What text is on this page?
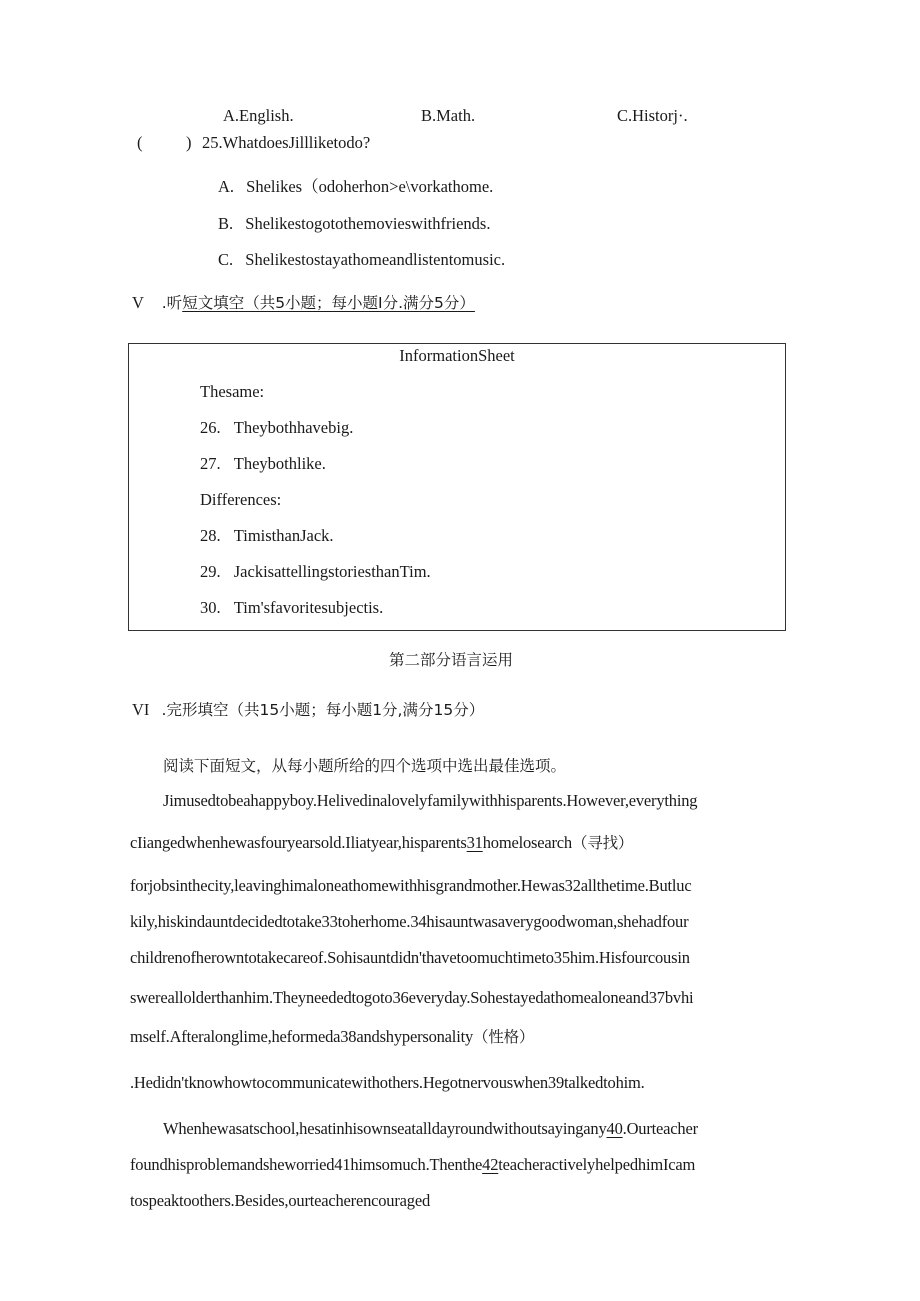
A.English.	B.Math.	C.Historj·.
(	) 25.WhatdoesJillliketodo?
A. Shelikes（odoherhon>e\vorkathome.
B. Shelikestogotothemovieswithfriends.
C. Shelikestostayathomeandlistentomusic.
V .听短文填空（共5小题；每小题I分.满分5分）
InformationSheet
Thesame:
26. Theybothhavebig.
27. Theybothlike.
Differences:
28. TimisthanJack.
29. JackisattellingstoriesthanTim.
30. Tim'sfavoritesubjectis.
第二部分语言运用
VI .完形填空（共15小题；每小题1分,满分15分）
阅读下面短文，从每小题所给的四个选项中选出最佳选项。
Jimusedtobeahappyboy.Helivedinalovelyfamilywithhisparents.However,everything
cIiangedwhenhewasfouryearsold.Iliatyear,hisparents31homelosearch（寻找）
forjobsinthecity,leavinghimaloneathomewithhisgrandmother.Hewas32allthetime.Butluc
kily,hiskindauntdecidedtotake33toherhome.34hisauntwasaverygoodwoman,shehadfour
childrenofherowntotakecareof.Sohisauntdidn'thavetoomuchtimeto35him.Hisfourcousin
swereallolderthanhim.Theyneededtogoto36everyday.Sohestayedathomealoneand37bvhi
mself.Afteralonglime,heformeda38andshypersonality（性格）
.Hedidn'tknowhowtocommunicatewithothers.Hegotnervouswhen39talkedtohim.
Whenhewasatschool,hesatinhisownseatalldayroundwithoutsayingany40.Ourteacher
foundhisproblemandsheworried41himsomuch.Thenthe42teacheractivelyhelpedhimIcam
tospeaktoothers.Besides,ourteacherencouraged
